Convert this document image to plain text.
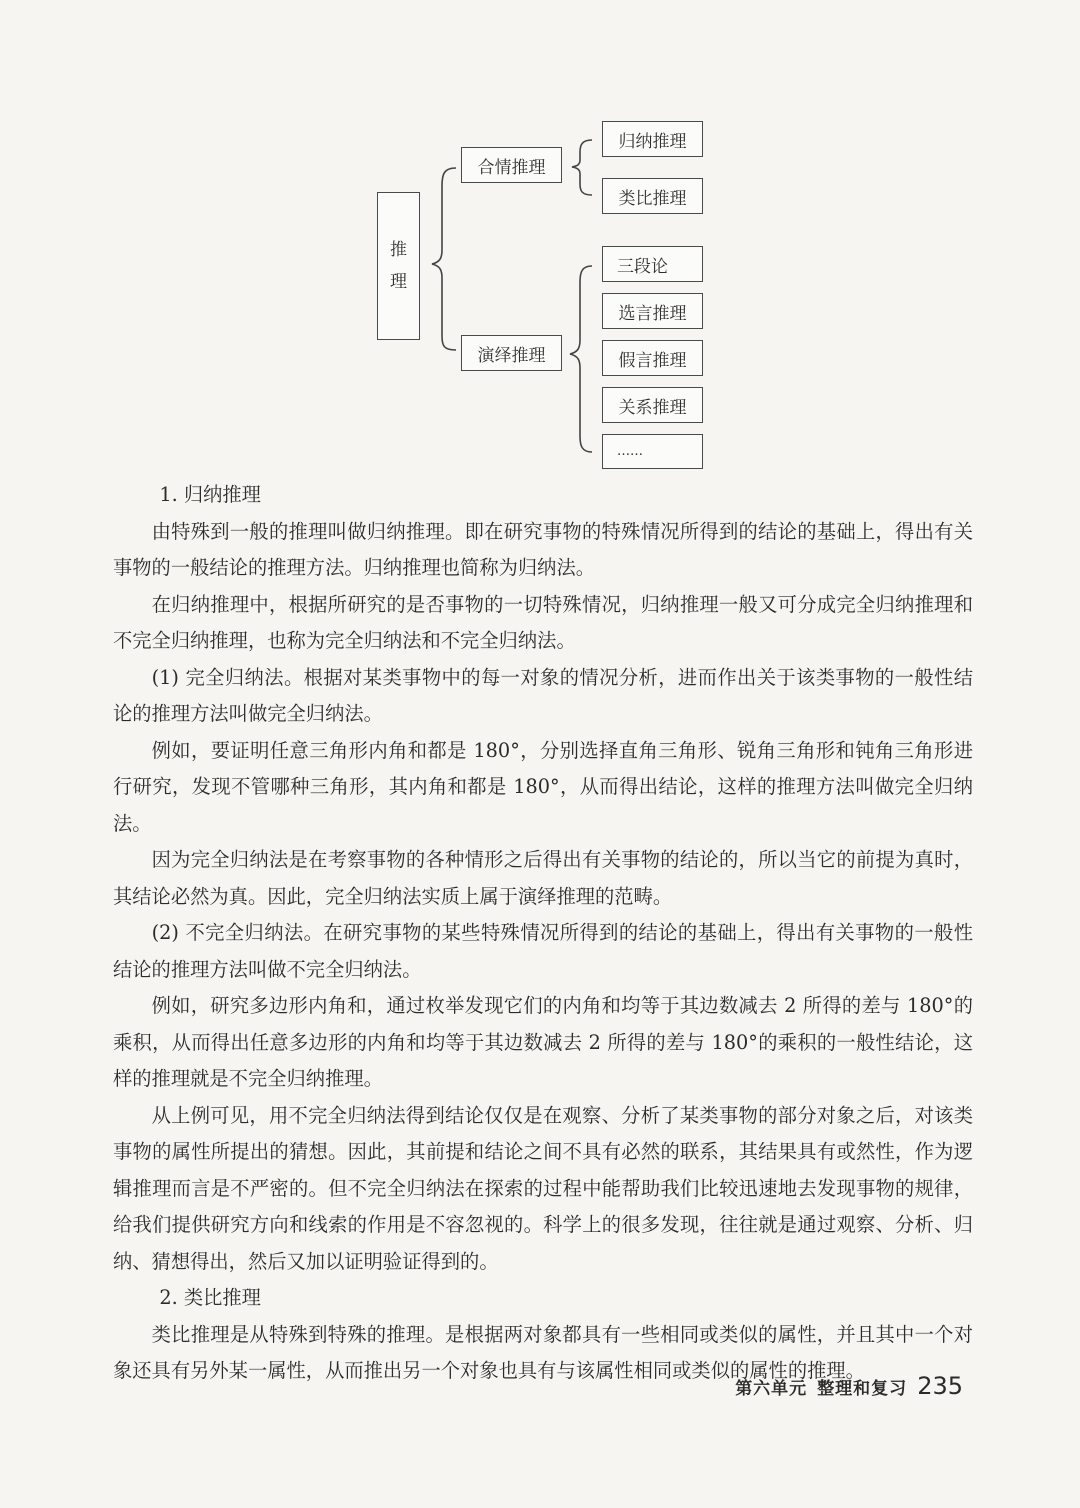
推
理
合情推理
演绎推理
归纳推理
类比推理
三段论
选言推理
假言推理
关系推理
……
1. 归纳推理

由特殊到一般的推理叫做归纳推理。即在研究事物的特殊情况所得到的结论的基础上，得出有关事物的一般结论的推理方法。归纳推理也简称为归纳法。

在归纳推理中，根据所研究的是否事物的一切特殊情况，归纳推理一般又可分成完全归纳推理和不完全归纳推理，也称为完全归纳法和不完全归纳法。

(1) 完全归纳法。根据对某类事物中的每一对象的情况分析，进而作出关于该类事物的一般性结论的推理方法叫做完全归纳法。

例如，要证明任意三角形内角和都是 180°，分别选择直角三角形、锐角三角形和钝角三角形进行研究，发现不管哪种三角形，其内角和都是 180°，从而得出结论，这样的推理方法叫做完全归纳法。

因为完全归纳法是在考察事物的各种情形之后得出有关事物的结论的，所以当它的前提为真时，其结论必然为真。因此，完全归纳法实质上属于演绎推理的范畴。

(2) 不完全归纳法。在研究事物的某些特殊情况所得到的结论的基础上，得出有关事物的一般性结论的推理方法叫做不完全归纳法。

例如，研究多边形内角和，通过枚举发现它们的内角和均等于其边数减去 2 所得的差与 180°的乘积，从而得出任意多边形的内角和均等于其边数减去 2 所得的差与 180°的乘积的一般性结论，这样的推理就是不完全归纳推理。

从上例可见，用不完全归纳法得到结论仅仅是在观察、分析了某类事物的部分对象之后，对该类事物的属性所提出的猜想。因此，其前提和结论之间不具有必然的联系，其结果具有或然性，作为逻辑推理而言是不严密的。但不完全归纳法在探索的过程中能帮助我们比较迅速地去发现事物的规律，给我们提供研究方向和线索的作用是不容忽视的。科学上的很多发现，往往就是通过观察、分析、归纳、猜想得出，然后又加以证明验证得到的。

2. 类比推理

类比推理是从特殊到特殊的推理。是根据两对象都具有一些相同或类似的属性，并且其中一个对象还具有另外某一属性，从而推出另一个对象也具有与该属性相同或类似的属性的推理。

第六单元 整理和复习 235
